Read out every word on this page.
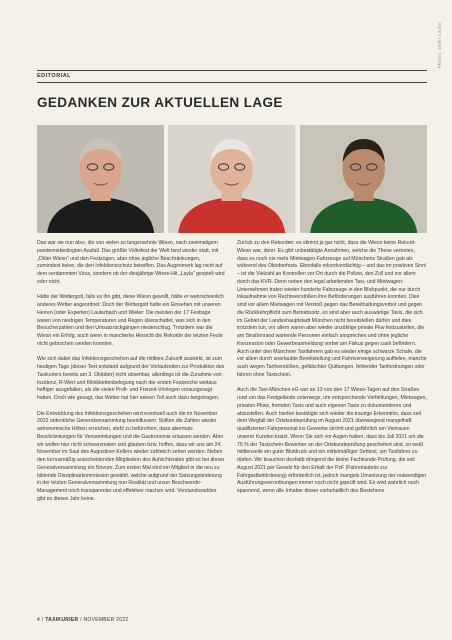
Photos: Zeller-Laufer
EDITORIAL
GEDANKEN ZUR AKTUELLEN LAGE

Das war sie nun also, die von vielen so langersehnte Wiesn, nach zweimaligem pandemiebedingten Ausfall. Das größte Volksfest der Welt fand wieder statt, mit „Older Wiesn“ und den Festzügen, aber ohne jegliche Beschränkungen, zumindest keine, die den Infektionsschutz betreffen. Das Augenmerk lag nicht auf dem verdammten Virus, sondern ob der diesjährige Wiesn-Hit „Layla“ gespielt wird oder nicht.

Hätte der Wettergott, falls es ihn gibt, diese Wiesn gewollt, hätte er wahrscheinlich anderes Wetter angeordnet: Doch der Wettergott hatte ein Einsehen mit unseren Herren (oder Experten) Lauterbach und Wieler: Die meisten der 17 Festtage waren von niedrigen Temperaturen und Regen überschattet, was sich in den Besucherzahlen und den Umsatzrückgängen niederschlug. Trotzdem war die Wiesn ein Erfolg, auch wenn in mancherlei Hinsicht die Rekorde der letzten Feste nicht gebrochen werden konnten.

Wie sich dabei das Infektionsgeschehen auf die mittlere Zukunft auswirkt, ist zum heutigen Tage (dieser Text entstand aufgrund der Vorlaufzeiten zur Produktion des Taxikuriers bereits am 3. Oktober) nicht absehbar, allerdings ist die Zunahme von Inzidenz, R-Wert und Klinikbettenbelegung nach der ersten Festwoche weitaus heftiger ausgefallen, als die vielen Profi- und Freizeit-Virologen vorausgesagt hatten. Doch wie gesagt, das Wetter hat hier seinen Teil auch dazu beigetragen.

Die Entwicklung des Infektionsgeschehen wird eventuell auch die im November 2022 ordentliche Generalversammlung beeinflussen: Sollten die Zahlen wieder astronomische Höhen erreichen, steht zu befürchten, dass abermals Beschränkungen für Versammlungen und die Gastronomie erlassen werden. Aber wir wollen hier nicht schwarzmalen und glauben bzw. hoffen, dass wir uns am 24. November im Saal des Augustiner-Kellers wieder zahlreich sehen werden. Neben den turnusmäßig ausscheidenden Mitgliedern des Aufsichtsrates gibt es bei dieser Generalversammlung ein Novum: Zum ersten Mal wird ein Mitglied in die neu zu bildende Disziplinarkommission gewählt, welche aufgrund der Satzungsänderung in der letzten Generalversammlung nun Realität und unser Beschwerde-Management noch transparenter und effektiver machen wird. Vorstandswahlen gibt es dieses Jahr keine.

Zurück zu den Rekorden: es stimmt ja gar nicht, dass die Wiesn keine Rekord-Wiesn war, denn: Es gibt unbestätigte Annahmen, welche die These vertreten, dass es noch nie mehr Mietwagen-Fahrzeuge auf Münchens Straßen gab als während des Oktoberfests. Ebenfalls rekordverdächtig – und das im positiven Sinn! – ist die Vielzahl an Kontrollen vor Ort durch die Polizei, den Zoll und vor allem durch das KVR. Denn neben den legal arbeitenden Taxi- und Mietwagen-Unternehmen traten wieder hunderte Fahrzeuge in den Blickpunkt, die nur durch Inkaufnahme von Rechtsverstößen ihre Beförderungen ausführen konnten. Dies sind vor allem Mietwagen mit Verstoß gegen das Bereithaltungsverbot und gegen die Rückkehrpflicht zum Betriebssitz, es sind aber auch auswärtige Taxis, die sich im Gebiet der Landeshauptstadt München nicht bereitstellen dürfen und dies trotzdem tun, vor allem waren aber wieder unzählige private Pkw festzustellen, die am Straßenrand wartende Personen einfach ansprechen und ohne jegliche Konzession oder Gewerbeanmeldung vorbei am Fiskus gegen cash befördern. Auch unter den Münchner Taxifahrern gab es wieder einige schwarze Schafe, die vor allem durch unerlaubte Bereitstellung und Fahrtverweigerung auffielen, manche auch wegen Tarifverstößen, gefälschter Quittungen, fehlender Tarifordnungen oder fahren ohne Taxischein.

Auch die Taxi-München eG war an 13 von den 17 Wiesn-Tagen auf den Straßen rund um das Festgelände unterwegs, um entsprechende Verfehlungen, Mietwagen, privaten Pkws, fremden Taxis und auch eigenen Taxis zu dokumentieren und abzustellen. Auch hierbei bestätigte sich wieder die traurige Erkenntnis, dass seit dem Wegfall der Ortskundeprüfung im August 2021 überwiegend mangelhaft qualifizierten Fahrpersonal ins Gewerbe strömt und gefährlich am Vertrauen unserer Kunden kratzt. Wenn Sie sich vor Augen halten, dass bis Juli 2021 um die 75 % der Taxischein-Bewerber an der Ortskundeprüfung gescheitert sind, so weiß mittlerweile ein guter Blutdruck und ein mittelmäßiger Sehtest, um Taxifahrer zu dürfen. Wir brauchen deshalb dringend die kleine Fachkunde-Prüfung, die seit August 2021 per Gesetz für den Erhalt der PzF (Fahrerlaubnis zur Fahrgastbeförderung) erforderlich ist, jedoch mangels Umsetzung der notwendigen Ausführungsverordnungen immer noch nicht geprüft wird. Es wird wahrlich noch spannend, wenn alle Inhaber dieser vorbehaltlich des Bestehens

4 / TAXIKURIER / NOVEMBER 2022
